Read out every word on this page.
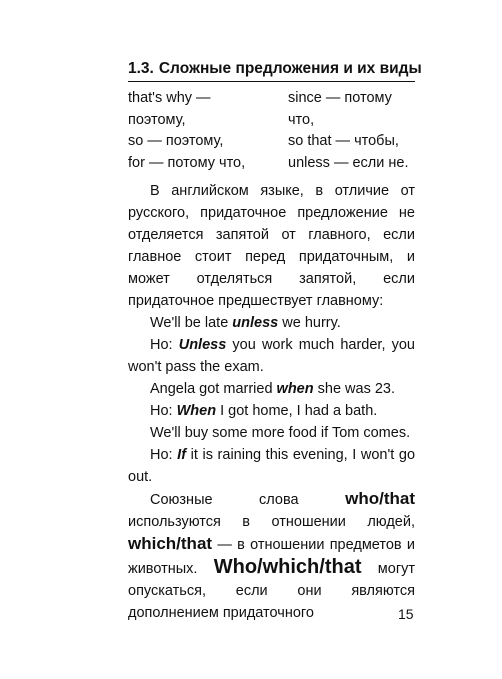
1.3. Сложные предложения и их виды
that's why —
поэтому,
so — поэтому,
for — потому что,
since — потому
что,
so that — чтобы,
unless — если не.
В английском языке, в отличие от русского, придаточное предложение не отделяется запятой от главного, если главное стоит перед придаточным, и может отделяться запятой, если придаточное предшествует главному:
We'll be late unless we hurry.
Но: Unless you work much harder, you won't pass the exam.
Angela got married when she was 23.
Но: When I got home, I had a bath.
We'll buy some more food if Tom comes.
Но: If it is raining this evening, I won't go out.
Союзные слова who/that используются в отношении людей, which/that — в отношении предметов и животных. Who/which/that могут опускаться, если они являются дополнением придаточного	15
